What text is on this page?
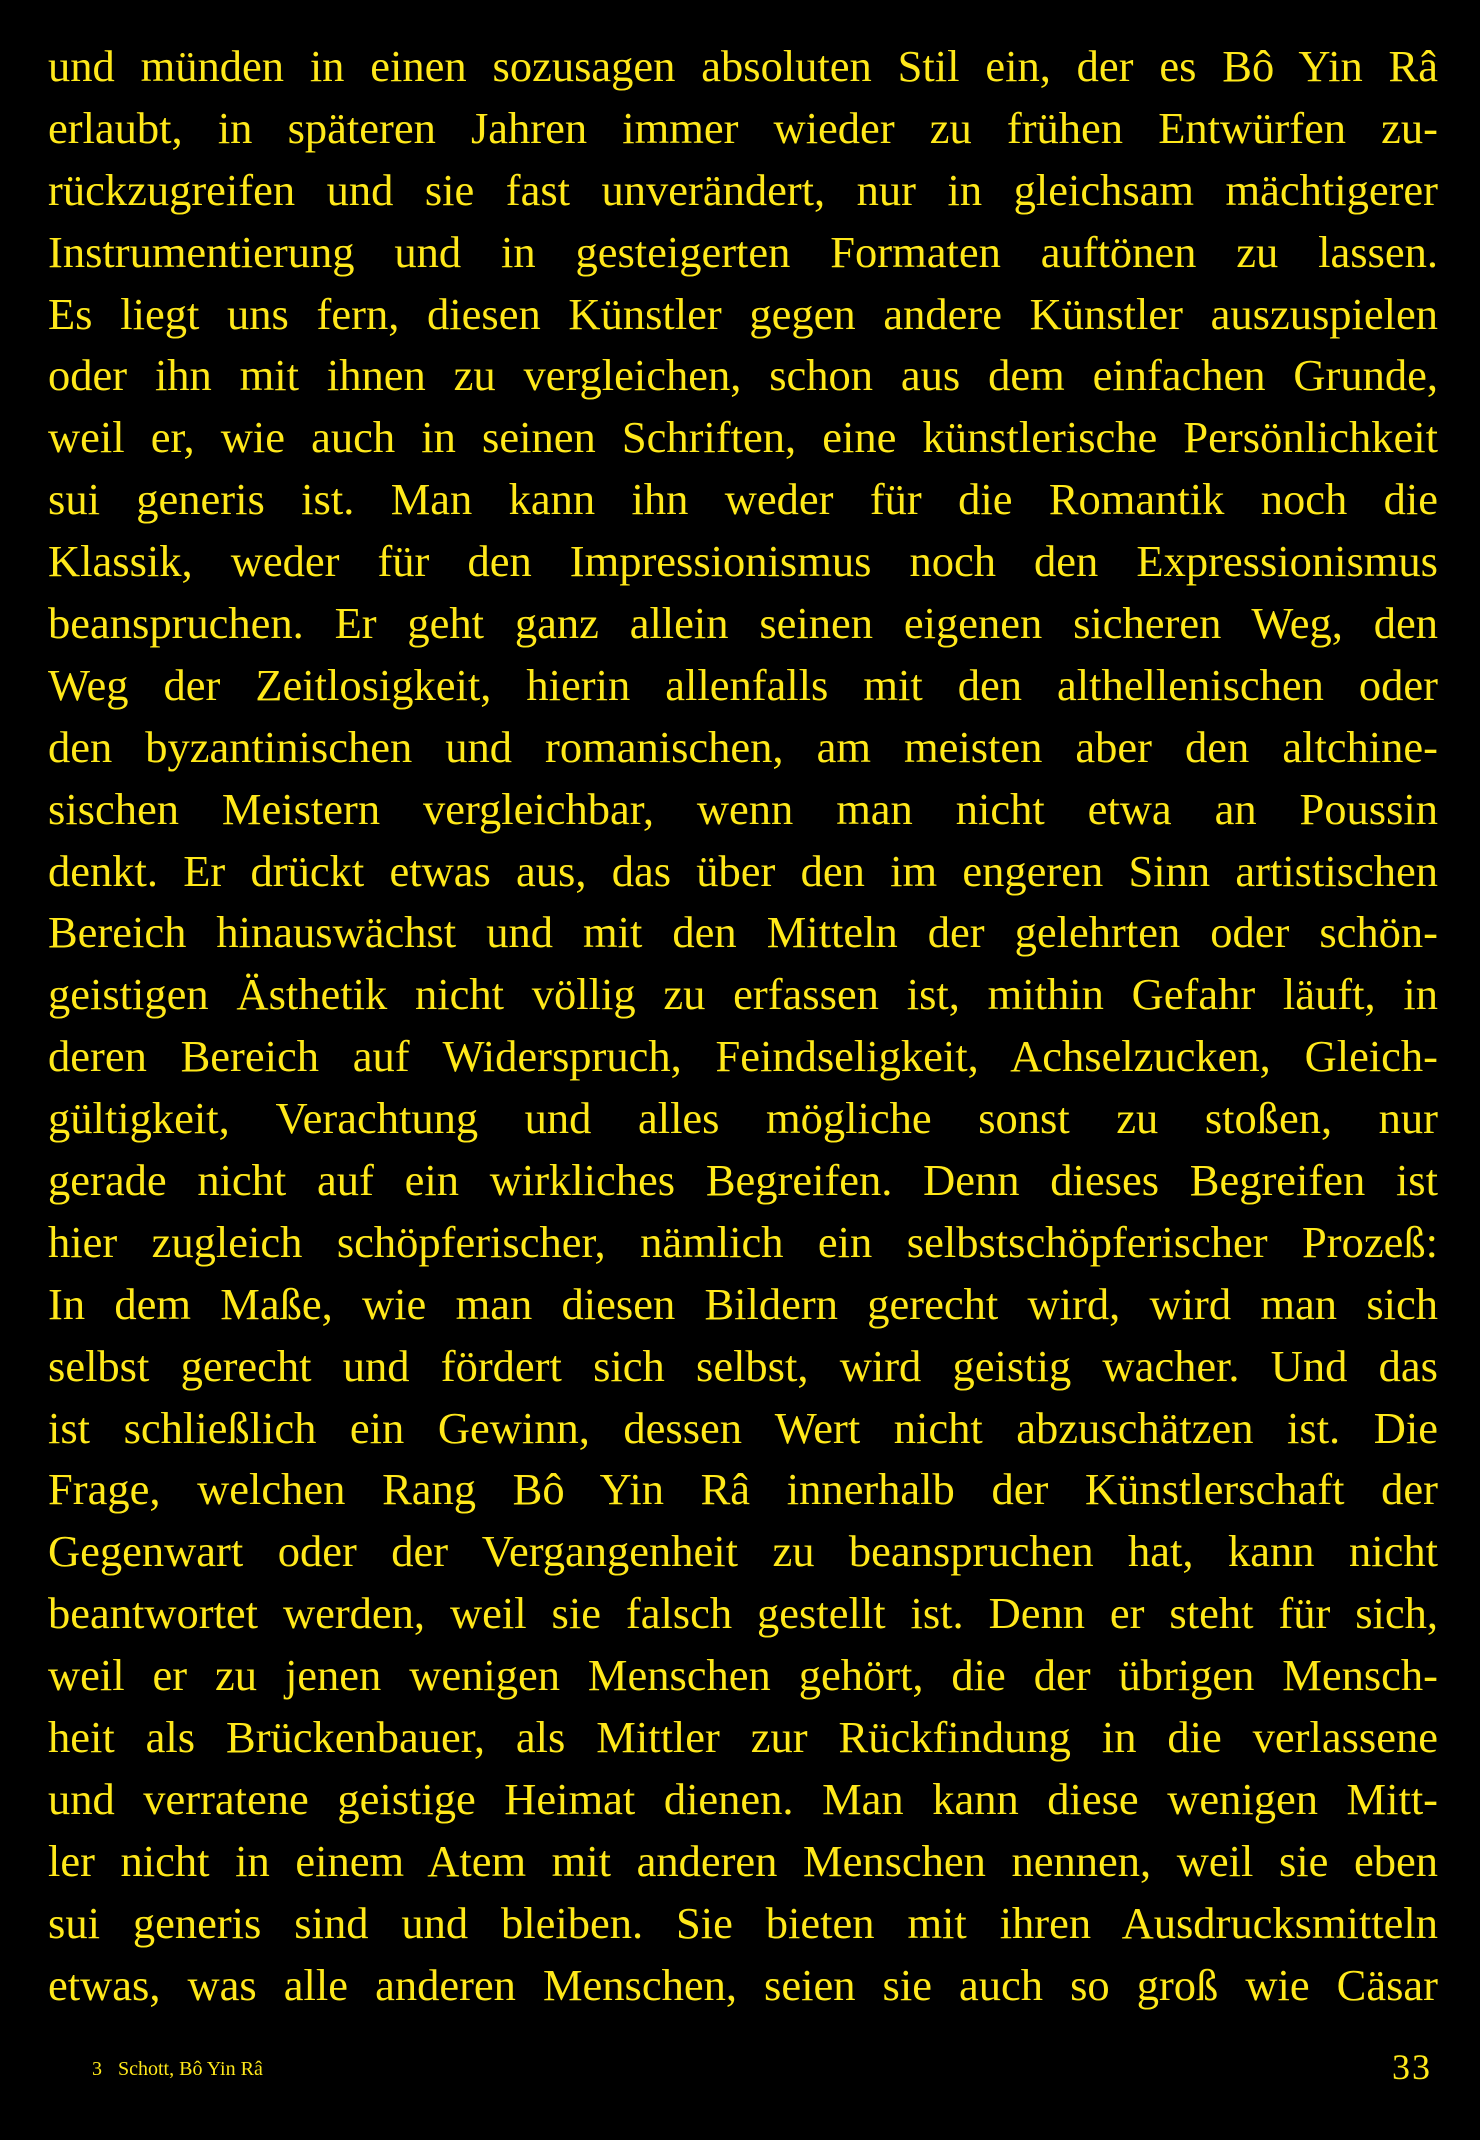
und münden in einen sozusagen absoluten Stil ein, der es Bô Yin Râ
erlaubt, in späteren Jahren immer wieder zu frühen Entwürfen zu-
rückzugreifen und sie fast unverändert, nur in gleichsam mächtigerer
Instrumentierung und in gesteigerten Formaten auftönen zu lassen.
Es liegt uns fern, diesen Künstler gegen andere Künstler auszuspielen
oder ihn mit ihnen zu vergleichen, schon aus dem einfachen Grunde,
weil er, wie auch in seinen Schriften, eine künstlerische Persönlichkeit
sui generis ist. Man kann ihn weder für die Romantik noch die
Klassik, weder für den Impressionismus noch den Expressionismus
beanspruchen. Er geht ganz allein seinen eigenen sicheren Weg, den
Weg der Zeitlosigkeit, hierin allenfalls mit den althellenischen oder
den byzantinischen und romanischen, am meisten aber den altchine-
sischen Meistern vergleichbar, wenn man nicht etwa an Poussin
denkt. Er drückt etwas aus, das über den im engeren Sinn artistischen
Bereich hinauswächst und mit den Mitteln der gelehrten oder schön-
geistigen Ästhetik nicht völlig zu erfassen ist, mithin Gefahr läuft, in
deren Bereich auf Widerspruch, Feindseligkeit, Achselzucken, Gleich-
gültigkeit, Verachtung und alles mögliche sonst zu stoßen, nur
gerade nicht auf ein wirkliches Begreifen. Denn dieses Begreifen ist
hier zugleich schöpferischer, nämlich ein selbstschöpferischer Prozeß:
In dem Maße, wie man diesen Bildern gerecht wird, wird man sich
selbst gerecht und fördert sich selbst, wird geistig wacher. Und das
ist schließlich ein Gewinn, dessen Wert nicht abzuschätzen ist. Die
Frage, welchen Rang Bô Yin Râ innerhalb der Künstlerschaft der
Gegenwart oder der Vergangenheit zu beanspruchen hat, kann nicht
beantwortet werden, weil sie falsch gestellt ist. Denn er steht für sich,
weil er zu jenen wenigen Menschen gehört, die der übrigen Mensch-
heit als Brückenbauer, als Mittler zur Rückfindung in die verlassene
und verratene geistige Heimat dienen. Man kann diese wenigen Mitt-
ler nicht in einem Atem mit anderen Menschen nennen, weil sie eben
sui generis sind und bleiben. Sie bieten mit ihren Ausdrucksmitteln
etwas, was alle anderen Menschen, seien sie auch so groß wie Cäsar
3 Schott, Bô Yin Râ	33
